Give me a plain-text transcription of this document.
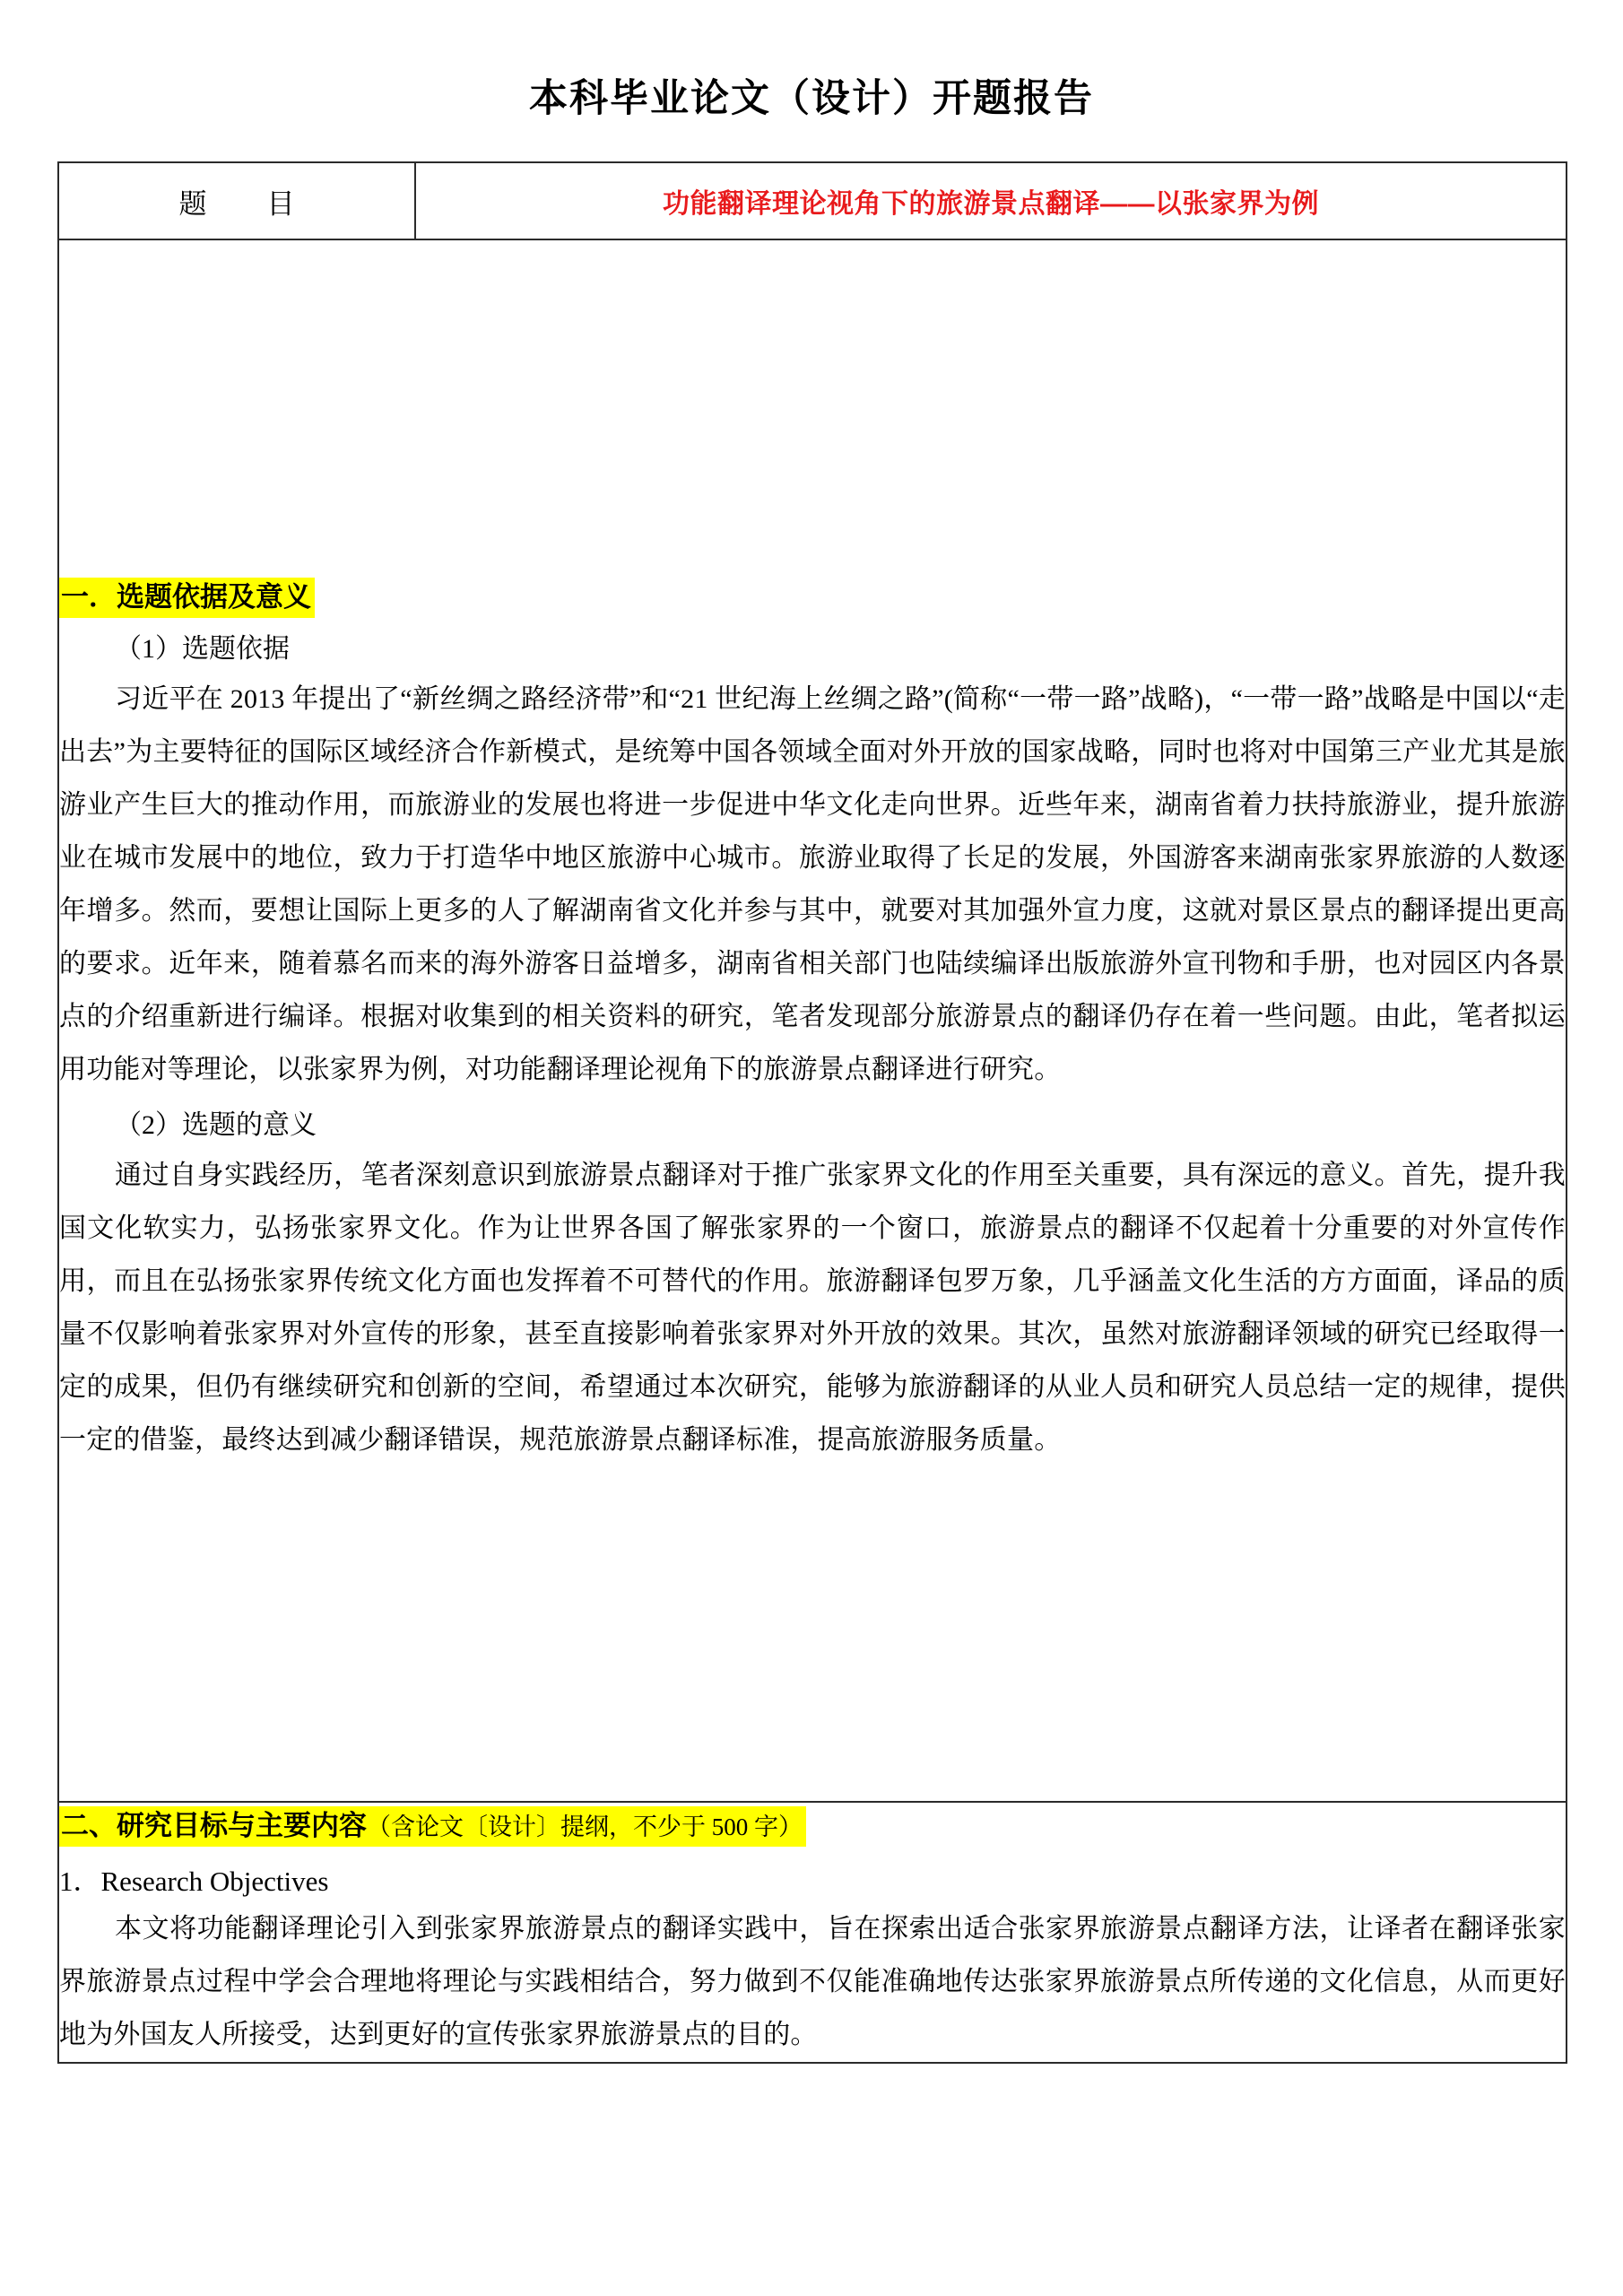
本科毕业论文（设计）开题报告
题　目	功能翻译理论视角下的旅游景点翻译——以张家界为例

一．选题依据及意义
（1）选题依据

习近平在 2013 年提出了“新丝绸之路经济带”和“21 世纪海上丝绸之路”(简称“一带一路”战略)，“一带一路”战略是中国以“走出去”为主要特征的国际区域经济合作新模式，是统筹中国各领域全面对外开放的国家战略，同时也将对中国第三产业尤其是旅游业产生巨大的推动作用，而旅游业的发展也将进一步促进中华文化走向世界。近些年来，湖南省着力扶持旅游业，提升旅游业在城市发展中的地位，致力于打造华中地区旅游中心城市。旅游业取得了长足的发展，外国游客来湖南张家界旅游的人数逐年增多。然而，要想让国际上更多的人了解湖南省文化并参与其中，就要对其加强外宣力度，这就对景区景点的翻译提出更高的要求。近年来，随着慕名而来的海外游客日益增多，湖南省相关部门也陆续编译出版旅游外宣刊物和手册，也对园区内各景点的介绍重新进行编译。根据对收集到的相关资料的研究，笔者发现部分旅游景点的翻译仍存在着一些问题。由此，笔者拟运用功能对等理论，以张家界为例，对功能翻译理论视角下的旅游景点翻译进行研究。

（2）选题的意义

通过自身实践经历，笔者深刻意识到旅游景点翻译对于推广张家界文化的作用至关重要，具有深远的意义。首先，提升我国文化软实力，弘扬张家界文化。作为让世界各国了解张家界的一个窗口，旅游景点的翻译不仅起着十分重要的对外宣传作用，而且在弘扬张家界传统文化方面也发挥着不可替代的作用。旅游翻译包罗万象，几乎涵盖文化生活的方方面面，译品的质量不仅影响着张家界对外宣传的形象，甚至直接影响着张家界对外开放的效果。其次，虽然对旅游翻译领域的研究已经取得一定的成果，但仍有继续研究和创新的空间，希望通过本次研究，能够为旅游翻译的从业人员和研究人员总结一定的规律，提供一定的借鉴，最终达到减少翻译错误，规范旅游景点翻译标准，提高旅游服务质量。

二、研究目标与主要内容（含论文〔设计〕提纲，不少于 500 字）
1．Research Objectives

本文将功能翻译理论引入到张家界旅游景点的翻译实践中，旨在探索出适合张家界旅游景点翻译方法，让译者在翻译张家界旅游景点过程中学会合理地将理论与实践相结合，努力做到不仅能准确地传达张家界旅游景点所传递的文化信息，从而更好地为外国友人所接受，达到更好的宣传张家界旅游景点的目的。
